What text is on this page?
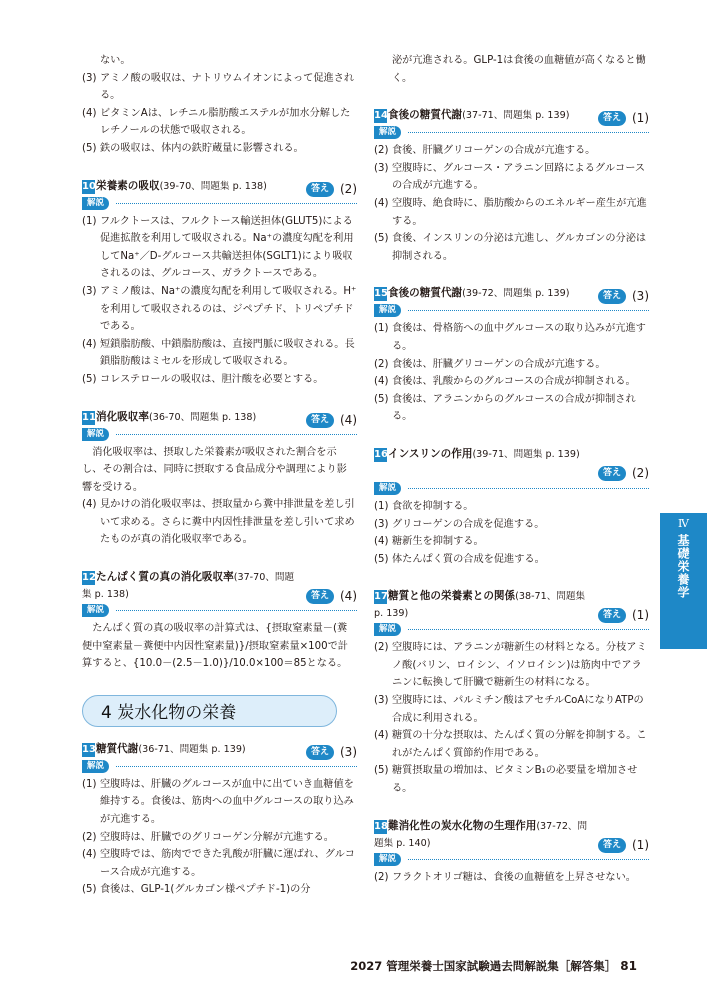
ない。
(3) アミノ酸の吸収は、ナトリウムイオンによって促進される。
(4) ビタミンAは、レチニル脂肪酸エステルが加水分解したレチノールの状態で吸収される。
(5) 鉄の吸収は、体内の鉄貯蔵量に影響される。
10栄養素の吸収(39-70、問題集 p. 138)	答え (2)
解説
(1) フルクトースは、フルクトース輸送担体(GLUT5)による促進拡散を利用して吸収される。Na⁺の濃度勾配を利用してNa⁺／D-グルコース共輸送担体(SGLT1)により吸収されるのは、グルコース、ガラクトースである。
(3) アミノ酸は、Na⁺の濃度勾配を利用して吸収される。H⁺を利用して吸収されるのは、ジペプチド、トリペプチドである。
(4) 短鎖脂肪酸、中鎖脂肪酸は、直接門脈に吸収される。長鎖脂肪酸はミセルを形成して吸収される。
(5) コレステロールの吸収は、胆汁酸を必要とする。
11消化吸収率(36-70、問題集 p. 138)	答え (4)
解説

消化吸収率は、摂取した栄養素が吸収された割合を示し、その割合は、同時に摂取する食品成分や調理により影響を受ける。

(4) 見かけの消化吸収率は、摂取量から糞中排泄量を差し引いて求める。さらに糞中内因性排泄量を差し引いて求めたものが真の消化吸収率である。
12たんぱく質の真の消化吸収率(37-70、問題集 p. 138)	答え (4)
解説

たんぱく質の真の吸収率の計算式は、{摂取窒素量－(糞便中窒素量－糞便中内因性窒素量)}/摂取窒素量×100で計算すると、{10.0－(2.5－1.0)}/10.0×100＝85となる。

4 炭水化物の栄養
13糖質代謝(36-71、問題集 p. 139)	答え (3)
解説
(1) 空腹時は、肝臓のグルコースが血中に出ていき血糖値を維持する。食後は、筋肉への血中グルコースの取り込みが亢進する。
(2) 空腹時は、肝臓でのグリコーゲン分解が亢進する。
(4) 空腹時では、筋肉でできた乳酸が肝臓に運ばれ、グルコース合成が亢進する。
(5) 食後は、GLP-1(グルカゴン様ペプチド-1)の分
泌が亢進される。GLP-1は食後の血糖値が高くなると働く。
14食後の糖質代謝(37-71、問題集 p. 139)	答え (1)
解説
(2) 食後、肝臓グリコーゲンの合成が亢進する。
(3) 空腹時に、グルコース・アラニン回路によるグルコースの合成が亢進する。
(4) 空腹時、絶食時に、脂肪酸からのエネルギー産生が亢進する。
(5) 食後、インスリンの分泌は亢進し、グルカゴンの分泌は抑制される。
15食後の糖質代謝(39-72、問題集 p. 139)	答え (3)
解説
(1) 食後は、骨格筋への血中グルコースの取り込みが亢進する。
(2) 食後は、肝臓グリコーゲンの合成が亢進する。
(4) 食後は、乳酸からのグルコースの合成が抑制される。
(5) 食後は、アラニンからのグルコースの合成が抑制される。
16インスリンの作用(39-71、問題集 p. 139)
答え (2)
解説
(1) 食欲を抑制する。
(3) グリコーゲンの合成を促進する。
(4) 糖新生を抑制する。
(5) 体たんぱく質の合成を促進する。
17糖質と他の栄養素との関係(38-71、問題集 p. 139)	答え (1)
解説
(2) 空腹時には、アラニンが糖新生の材料となる。分枝アミノ酸(バリン、ロイシン、イソロイシン)は筋肉中でアラニンに転換して肝臓で糖新生の材料になる。
(3) 空腹時には、パルミチン酸はアセチルCoAになりATPの合成に利用される。
(4) 糖質の十分な摂取は、たんぱく質の分解を抑制する。これがたんぱく質節約作用である。
(5) 糖質摂取量の増加は、ビタミンB₁の必要量を増加させる。
18難消化性の炭水化物の生理作用(37-72、問題集 p. 140)	答え (1)
解説
(2) フラクトオリゴ糖は、食後の血糖値を上昇させない。
Ⅳ
基礎栄養学
2027 管理栄養士国家試験過去問解説集［解答集］ 81
